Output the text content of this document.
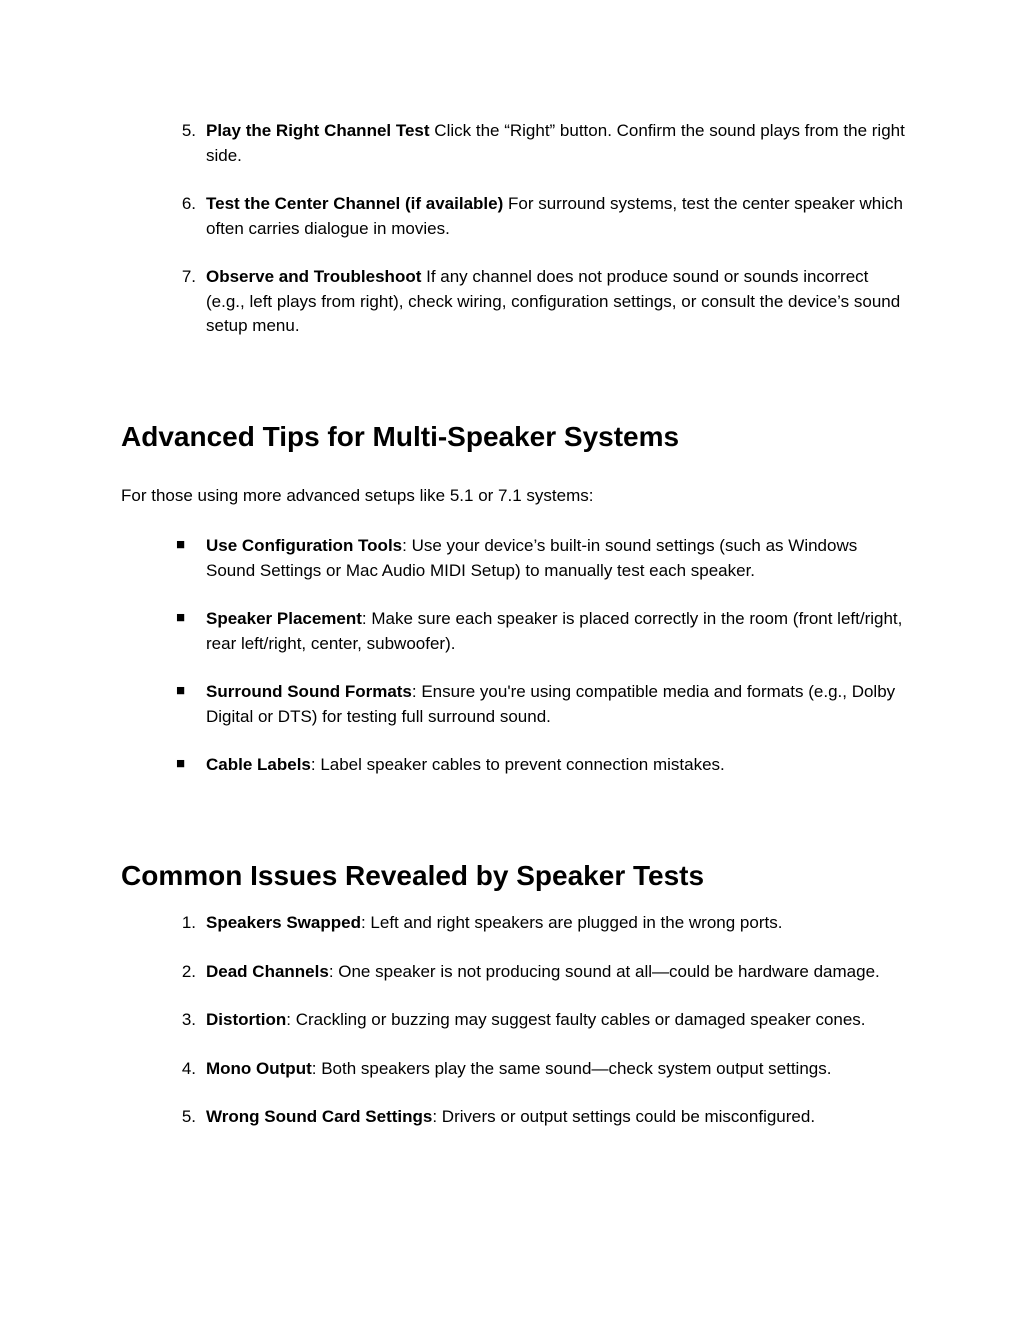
5. Play the Right Channel Test Click the “Right” button. Confirm the sound plays from the right side.
6. Test the Center Channel (if available) For surround systems, test the center speaker which often carries dialogue in movies.
7. Observe and Troubleshoot If any channel does not produce sound or sounds incorrect (e.g., left plays from right), check wiring, configuration settings, or consult the device’s sound setup menu.
Advanced Tips for Multi-Speaker Systems

For those using more advanced setups like 5.1 or 7.1 systems:

■ Use Configuration Tools: Use your device’s built-in sound settings (such as Windows Sound Settings or Mac Audio MIDI Setup) to manually test each speaker.
■ Speaker Placement: Make sure each speaker is placed correctly in the room (front left/right, rear left/right, center, subwoofer).
■ Surround Sound Formats: Ensure you're using compatible media and formats (e.g., Dolby Digital or DTS) for testing full surround sound.
■ Cable Labels: Label speaker cables to prevent connection mistakes.
Common Issues Revealed by Speaker Tests
1. Speakers Swapped: Left and right speakers are plugged in the wrong ports.
2. Dead Channels: One speaker is not producing sound at all—could be hardware damage.
3. Distortion: Crackling or buzzing may suggest faulty cables or damaged speaker cones.
4. Mono Output: Both speakers play the same sound—check system output settings.
5. Wrong Sound Card Settings: Drivers or output settings could be misconfigured.
